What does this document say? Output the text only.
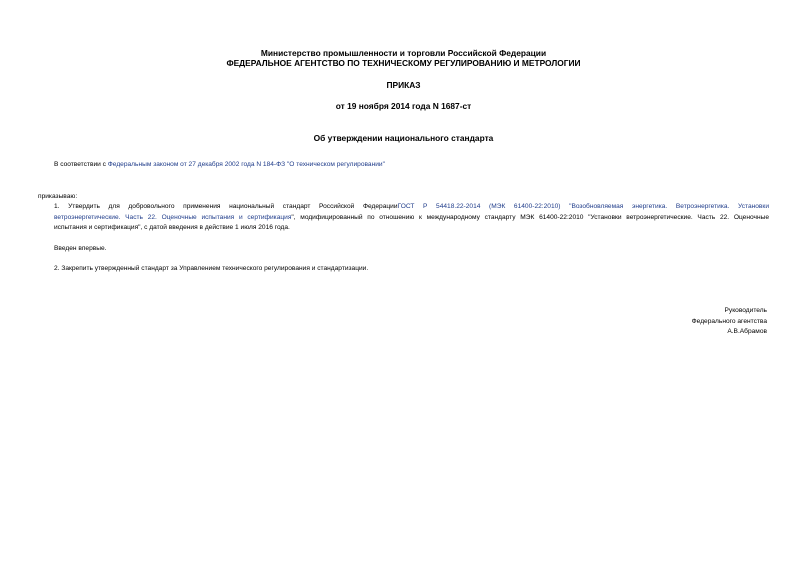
Министерство промышленности и торговли Российской Федерации

ФЕДЕРАЛЬНОЕ АГЕНТСТВО ПО ТЕХНИЧЕСКОМУ РЕГУЛИРОВАНИЮ И МЕТРОЛОГИИ

ПРИКАЗ

от 19 ноября 2014 года N 1687-ст

Об утверждении национального стандарта

В соответствии с Федеральным законом от 27 декабря 2002 года N 184-ФЗ "О техническом регулировании"

приказываю:

1. Утвердить для добровольного применения национальный стандарт Российской ФедерацииГОСТ Р 54418.22-2014 (МЭК 61400-22:2010) "Возобновляемая энергетика. Ветроэнергетика. Установки
ветроэнергетические. Часть 22. Оценочные испытания и сертификация", модифицированный по отношению к международному стандарту МЭК 61400-22:2010 "Установки ветроэнергетические. Часть 22. Оценочные
испытания и сертификация", с датой введения в действие 1 июля 2016 года.

Введен впервые.

2. Закрепить утвержденный стандарт за Управлением технического регулирования и стандартизации.

Руководитель
Федерального агентства
А.В.Абрамов
